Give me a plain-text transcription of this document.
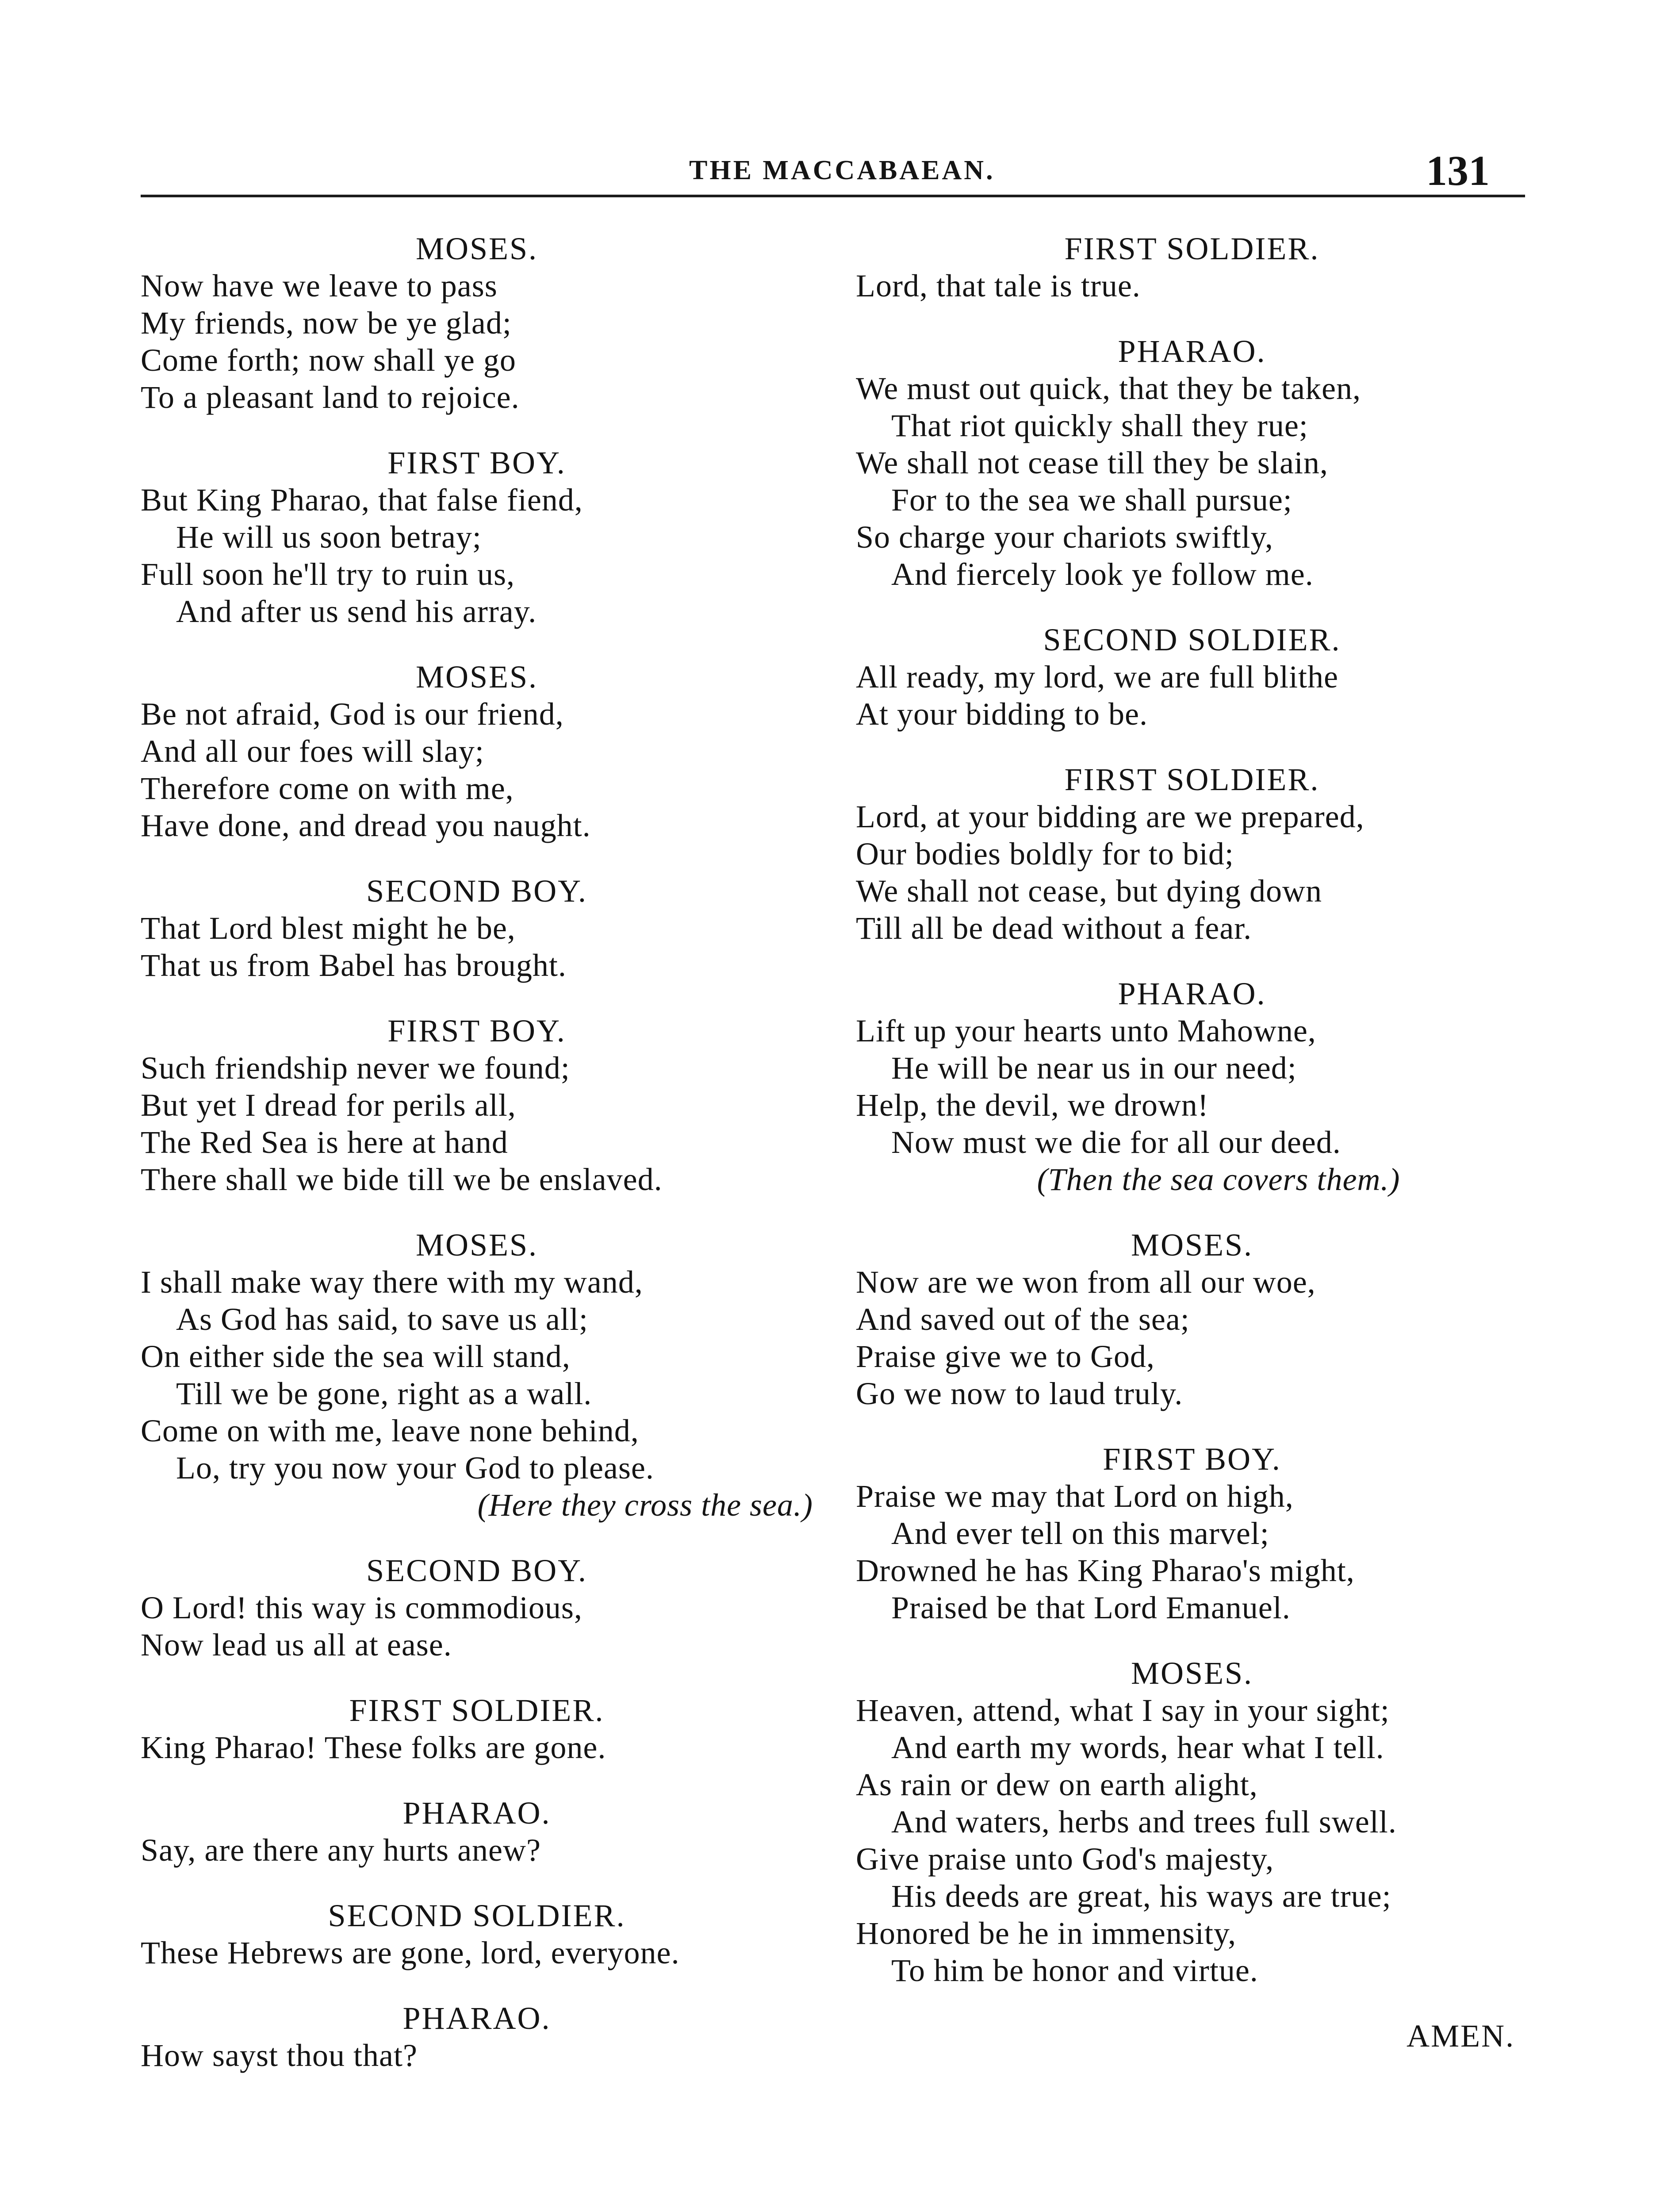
THE MACCABAEAN.	131

MOSES.

Now have we leave to pass

My friends, now be ye glad;

Come forth; now shall ye go

To a pleasant land to rejoice.

FIRST BOY.

But King Pharao, that false fiend,

He will us soon betray;

Full soon he'll try to ruin us,

And after us send his array.

MOSES.

Be not afraid, God is our friend,

And all our foes will slay;

Therefore come on with me,

Have done, and dread you naught.

SECOND BOY.

That Lord blest might he be,

That us from Babel has brought.

FIRST BOY.

Such friendship never we found;

But yet I dread for perils all,

The Red Sea is here at hand

There shall we bide till we be enslaved.

MOSES.

I shall make way there with my wand,

As God has said, to save us all;

On either side the sea will stand,

Till we be gone, right as a wall.

Come on with me, leave none behind,

Lo, try you now your God to please.

(Here they cross the sea.)

SECOND BOY.

O Lord! this way is commodious,

Now lead us all at ease.

FIRST SOLDIER.

King Pharao! These folks are gone.

PHARAO.

Say, are there any hurts anew?

SECOND SOLDIER.

These Hebrews are gone, lord, everyone.

PHARAO.

How sayst thou that?

FIRST SOLDIER.

Lord, that tale is true.

PHARAO.

We must out quick, that they be taken,

That riot quickly shall they rue;

We shall not cease till they be slain,

For to the sea we shall pursue;

So charge your chariots swiftly,

And fiercely look ye follow me.

SECOND SOLDIER.

All ready, my lord, we are full blithe

At your bidding to be.

FIRST SOLDIER.

Lord, at your bidding are we prepared,

Our bodies boldly for to bid;

We shall not cease, but dying down

Till all be dead without a fear.

PHARAO.

Lift up your hearts unto Mahowne,

He will be near us in our need;

Help, the devil, we drown!

Now must we die for all our deed.

(Then the sea covers them.)

MOSES.

Now are we won from all our woe,

And saved out of the sea;

Praise give we to God,

Go we now to laud truly.

FIRST BOY.

Praise we may that Lord on high,

And ever tell on this marvel;

Drowned he has King Pharao's might,

Praised be that Lord Emanuel.

MOSES.

Heaven, attend, what I say in your sight;

And earth my words, hear what I tell.

As rain or dew on earth alight,

And waters, herbs and trees full swell.

Give praise unto God's majesty,

His deeds are great, his ways are true;

Honored be he in immensity,

To him be honor and virtue.

AMEN.
